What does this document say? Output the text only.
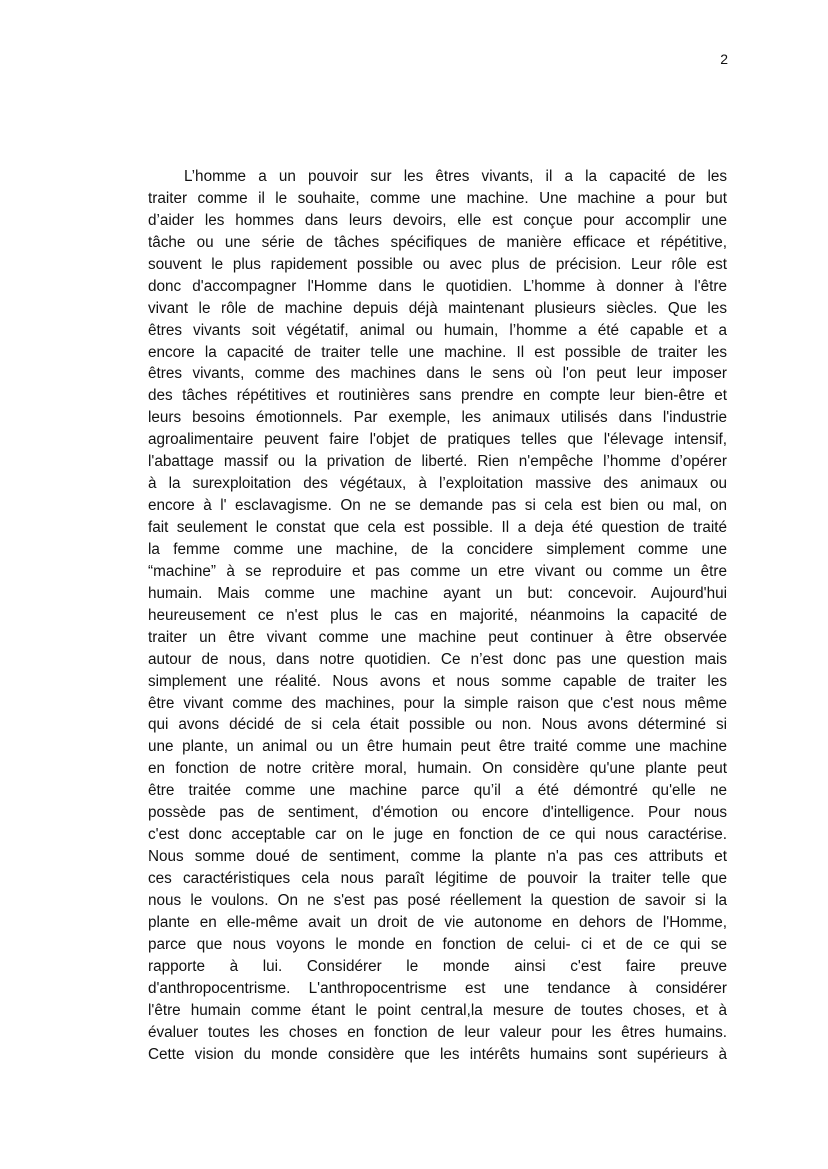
2
L’homme a un pouvoir sur les êtres vivants, il a la capacité de les
traiter comme il le souhaite, comme une machine. Une machine a pour but
d’aider les hommes dans leurs devoirs, elle est conçue pour accomplir une
tâche ou une série de tâches spécifiques de manière efficace et répétitive,
souvent le plus rapidement possible ou avec plus de précision. Leur rôle est
donc d'accompagner l'Homme dans le quotidien. L’homme à donner à l'être
vivant le rôle de machine depuis déjà maintenant plusieurs siècles. Que les
êtres vivants soit végétatif, animal ou humain, l’homme a été capable et a
encore la capacité de traiter telle une machine. Il est possible de traiter les
êtres vivants, comme des machines dans le sens où l'on peut leur imposer
des tâches répétitives et routinières sans prendre en compte leur bien-être et
leurs besoins émotionnels. Par exemple, les animaux utilisés dans l'industrie
agroalimentaire peuvent faire l'objet de pratiques telles que l'élevage intensif,
l'abattage massif ou la privation de liberté. Rien n'empêche l’homme d’opérer
à la surexploitation des végétaux, à l’exploitation massive des animaux ou
encore à l' esclavagisme. On ne se demande pas si cela est bien ou mal, on
fait seulement le constat que cela est possible. Il a deja été question de traité
la femme comme une machine, de la concidere simplement comme une
“machine” à se reproduire et pas comme un etre vivant ou comme un être
humain. Mais comme une machine ayant un but: concevoir. Aujourd'hui
heureusement ce n'est plus le cas en majorité, néanmoins la capacité de
traiter un être vivant comme une machine peut continuer à être observée
autour de nous, dans notre quotidien. Ce n’est donc pas une question mais
simplement une réalité. Nous avons et nous somme capable de traiter les
être vivant comme des machines, pour la simple raison que c'est nous même
qui avons décidé de si cela était possible ou non. Nous avons déterminé si
une plante, un animal ou un être humain peut être traité comme une machine
en fonction de notre critère moral, humain. On considère qu'une plante peut
être traitée comme une machine parce qu’il a été démontré qu'elle ne
possède pas de sentiment, d'émotion ou encore d'intelligence. Pour nous
c'est donc acceptable car on le juge en fonction de ce qui nous caractérise.
Nous somme doué de sentiment, comme la plante n'a pas ces attributs et
ces caractéristiques cela nous paraît légitime de pouvoir la traiter telle que
nous le voulons. On ne s'est pas posé réellement la question de savoir si la
plante en elle-même avait un droit de vie autonome en dehors de l'Homme,
parce que nous voyons le monde en fonction de celui- ci et de ce qui se
rapporte à lui. Considérer le monde ainsi c'est faire preuve
d'anthropocentrisme. L'anthropocentrisme est une tendance à considérer
l'être humain comme étant le point central,la mesure de toutes choses, et à
évaluer toutes les choses en fonction de leur valeur pour les êtres humains.
Cette vision du monde considère que les intérêts humains sont supérieurs à
